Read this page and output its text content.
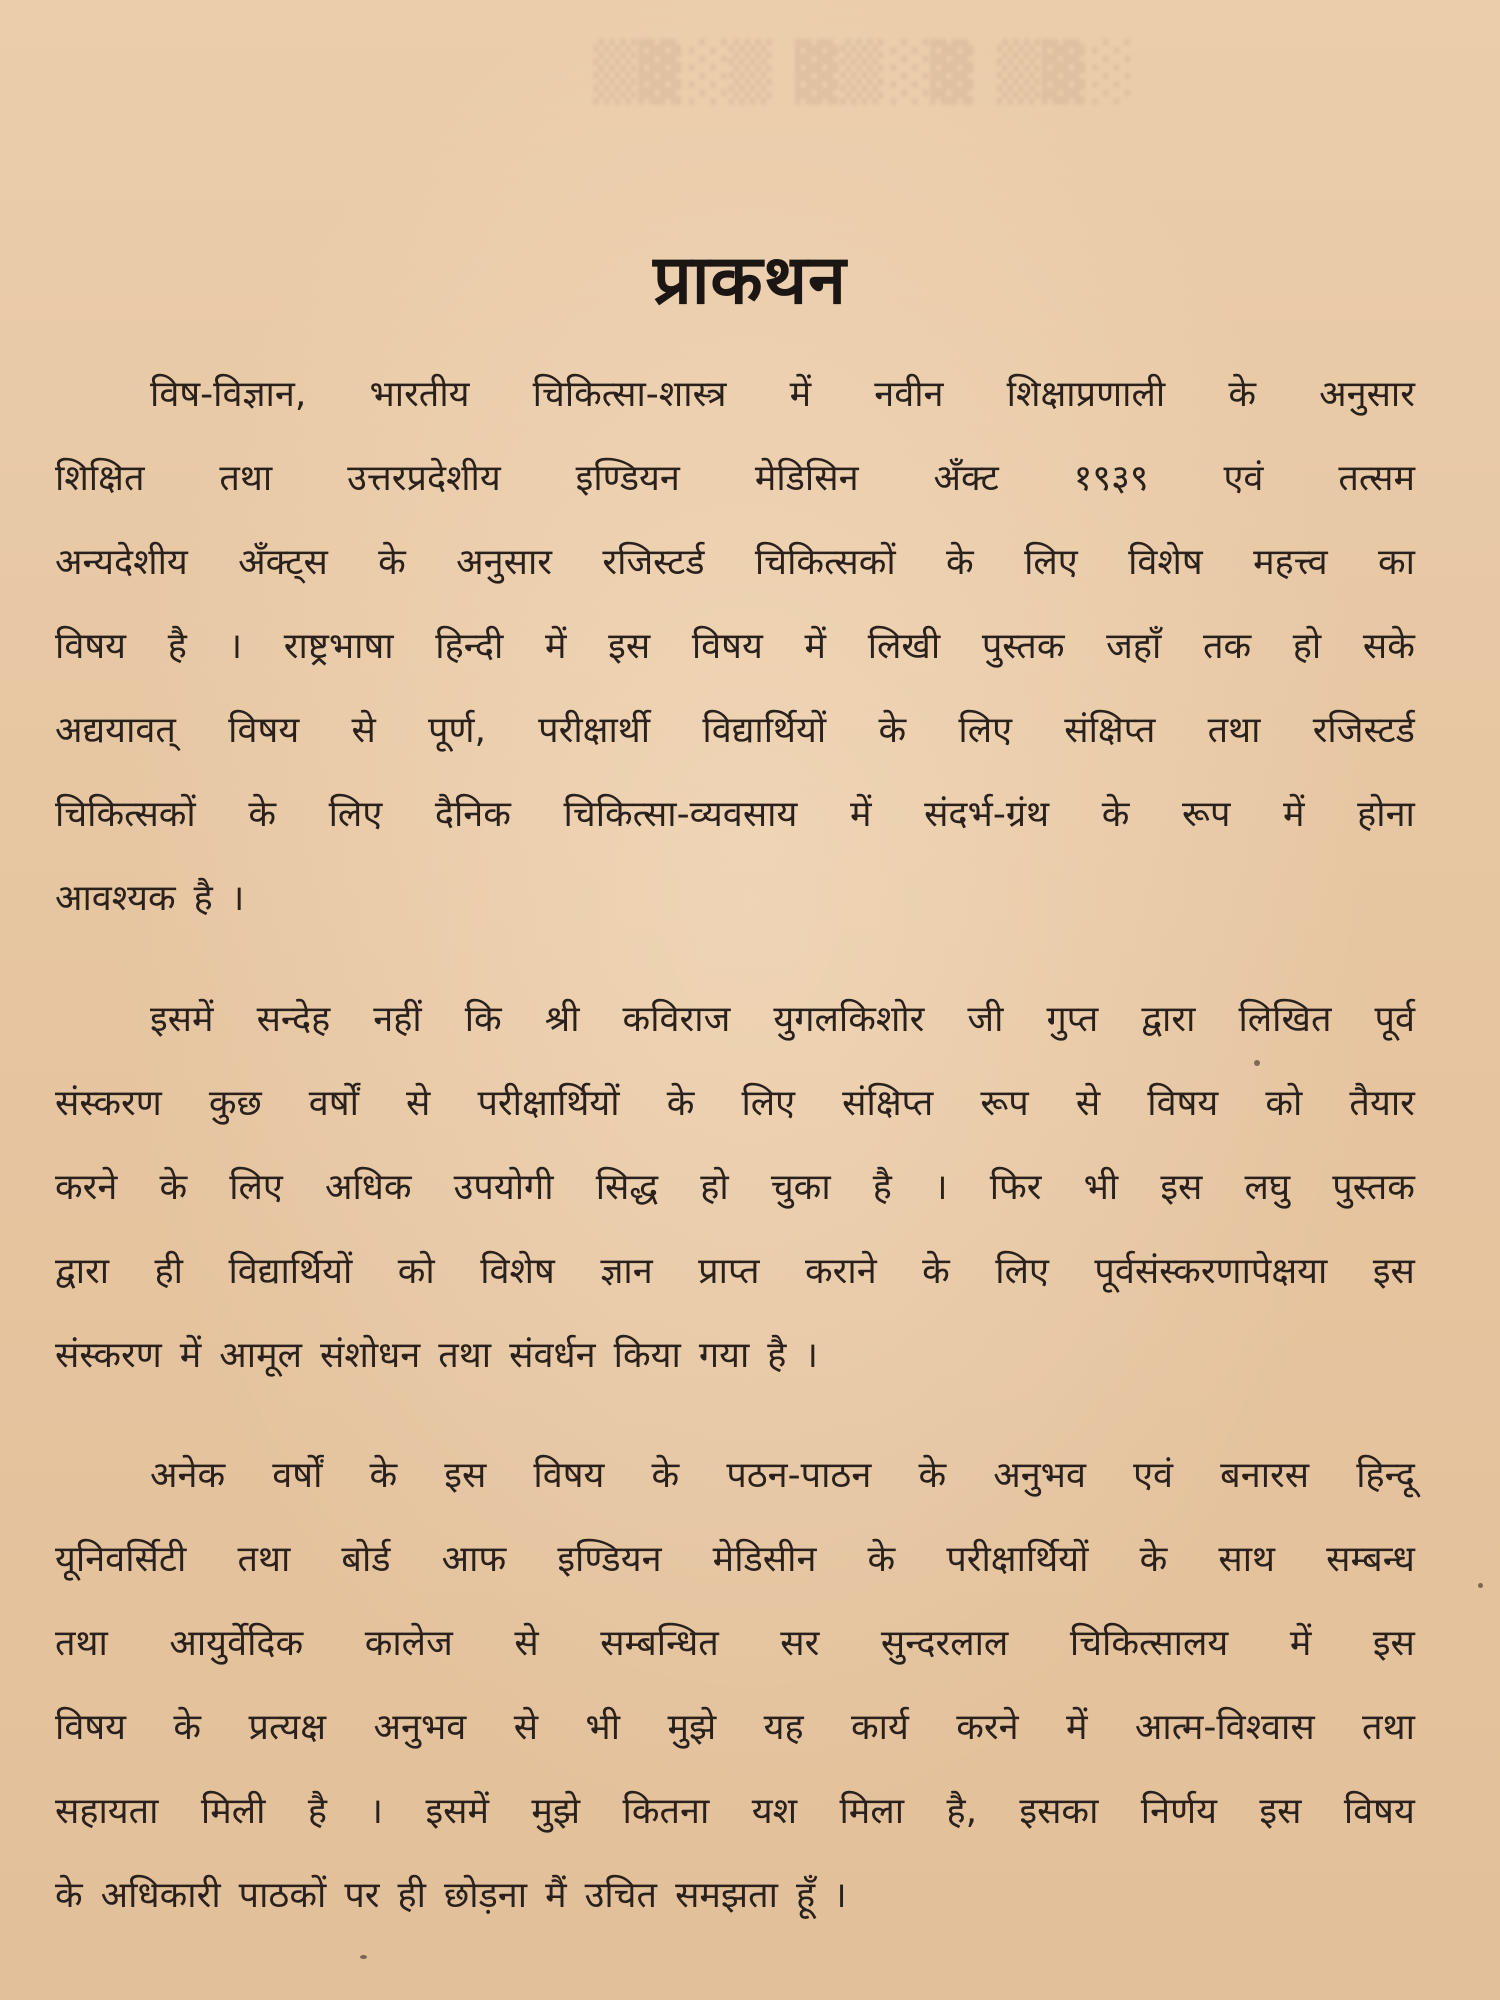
░▓▒ ▓░▒▓ ▒░▓▒
प्राकथन
विष-विज्ञान, भारतीय चिकित्सा-शास्त्र में नवीन शिक्षाप्रणाली के अनुसार
शिक्षित तथा उत्तरप्रदेशीय इण्डियन मेडिसिन अँक्ट १९३९ एवं तत्सम
अन्यदेशीय अँक्ट्स के अनुसार रजिस्टर्ड चिकित्सकों के लिए विशेष महत्त्व का
विषय है । राष्ट्रभाषा हिन्दी में इस विषय में लिखी पुस्तक जहाँ तक हो सके
अद्ययावत् विषय से पूर्ण, परीक्षार्थी विद्यार्थियों के लिए संक्षिप्त तथा रजिस्टर्ड
चिकित्सकों के लिए दैनिक चिकित्सा-व्यवसाय में संदर्भ-ग्रंथ के रूप में होना
आवश्यक है ।
इसमें सन्देह नहीं कि श्री कविराज युगलकिशोर जी गुप्त द्वारा लिखित पूर्व
संस्करण कुछ वर्षों से परीक्षार्थियों के लिए संक्षिप्त रूप से विषय को तैयार
करने के लिए अधिक उपयोगी सिद्ध हो चुका है । फिर भी इस लघु पुस्तक
द्वारा ही विद्यार्थियों को विशेष ज्ञान प्राप्त कराने के लिए पूर्वसंस्करणापेक्षया इस
संस्करण में आमूल संशोधन तथा संवर्धन किया गया है ।
अनेक वर्षों के इस विषय के पठन-पाठन के अनुभव एवं बनारस हिन्दू
यूनिवर्सिटी तथा बोर्ड आफ इण्डियन मेडिसीन के परीक्षार्थियों के साथ सम्बन्ध
तथा आयुर्वेदिक कालेज से सम्बन्धित सर सुन्दरलाल चिकित्सालय में इस
विषय के प्रत्यक्ष अनुभव से भी मुझे यह कार्य करने में आत्म-विश्वास तथा
सहायता मिली है । इसमें मुझे कितना यश मिला है, इसका निर्णय इस विषय
के अधिकारी पाठकों पर ही छोड़ना मैं उचित समझता हूँ ।
